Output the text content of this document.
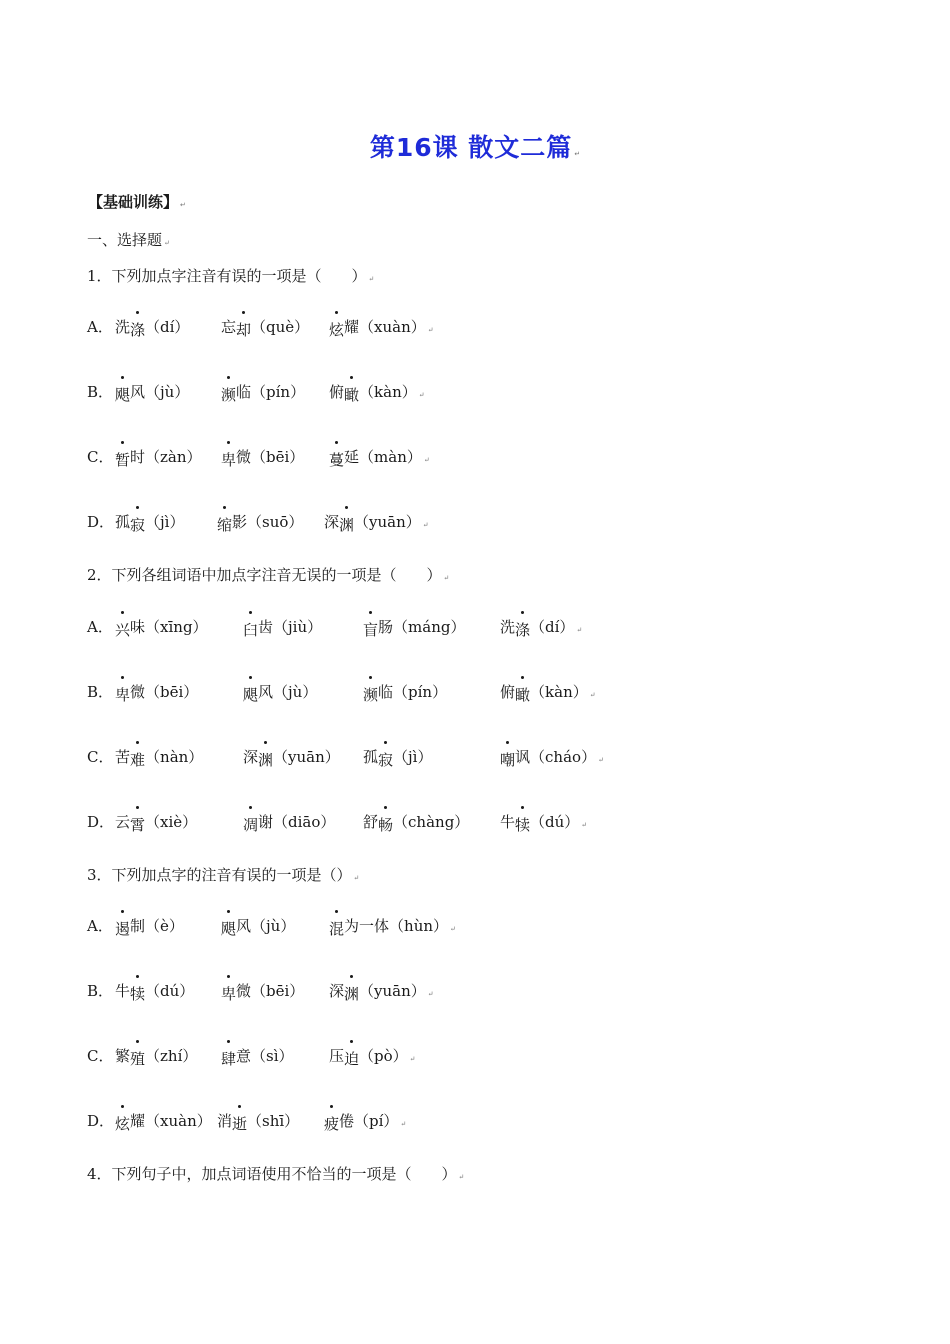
第16课 散文二篇 ↵
【基础训练】 ↵
一、选择题 ↵
1．下列加点字注音有误的一项是（　　） ↵
A． 洗涤（dí） 忘却（què） 炫耀（xuàn） ↵
B． 飓风（jù） 濒临（pín） 俯瞰（kàn） ↵
C． 暂时（zàn） 卑微（bēi） 蔓延（màn） ↵
D． 孤寂（jì） 缩影（suō） 深渊（yuān） ↵
2．下列各组词语中加点字注音无误的一项是（　　） ↵
A． 兴味（xīng） 臼齿（jiù）	盲肠（máng） 洗涤（dí） ↵
B． 卑微（bēi）	飓风（jù）	濒临（pín）	俯瞰（kàn） ↵
C． 苦难（nàn）	深渊（yuān） 孤寂（jì）	嘲讽（cháo） ↵
D． 云霄（xiè）	凋谢（diāo） 舒畅（chàng） 牛犊（dú） ↵
3．下列加点字的注音有误的一项是（） ↵
A． 遏制（è） 飓风（jù） 混为一体（hùn） ↵
B． 牛犊（dú） 卑微（bēi） 深渊（yuān） ↵
C． 繁殖（zhí） 肆意（sì） 压迫（pò） ↵
D． 炫耀（xuàn） 消逝（shī） 疲倦（pí） ↵
4．下列句子中，加点词语使用不恰当的一项是（　　） ↵
